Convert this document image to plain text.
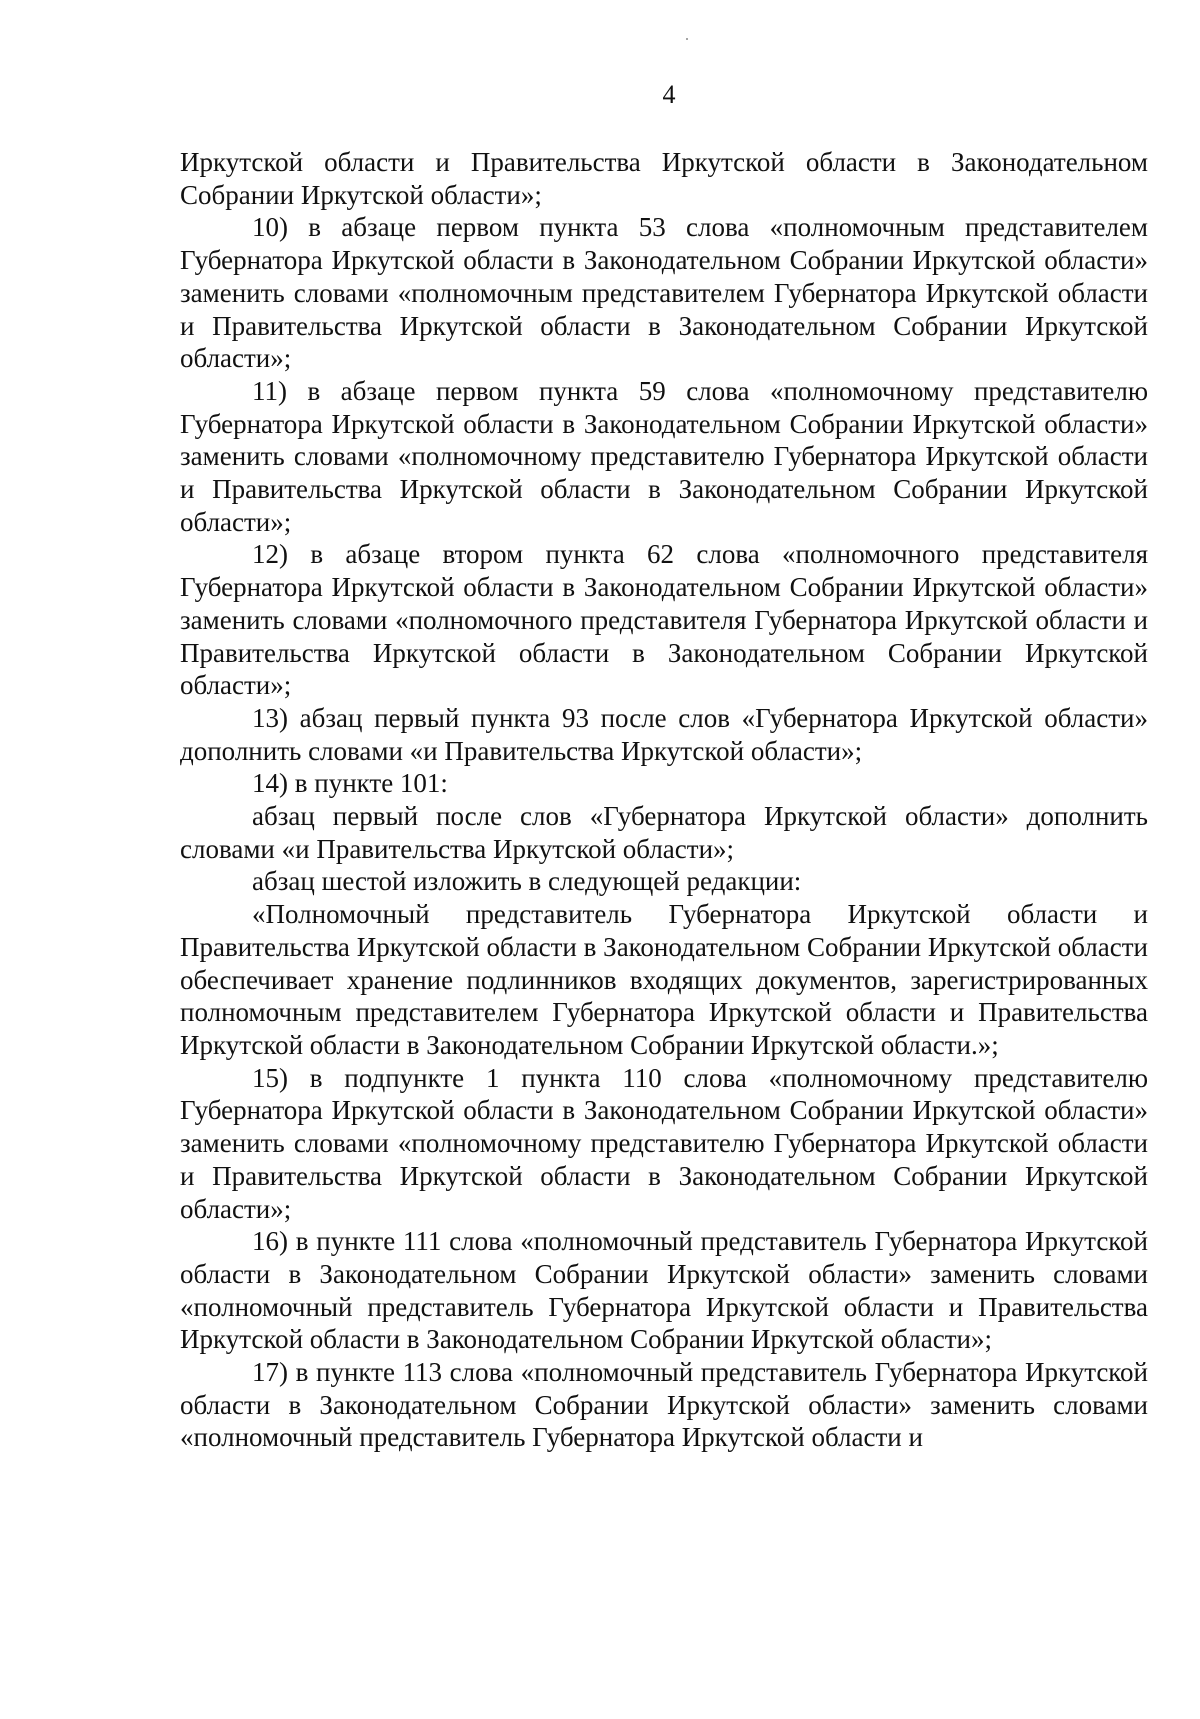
4

Иркутской области и Правительства Иркутской области в Законодательном Собрании Иркутской области»;

10) в абзаце первом пункта 53 слова «полномочным представителем Губернатора Иркутской области в Законодательном Собрании Иркутской области» заменить словами «полномочным представителем Губернатора Иркутской области и Правительства Иркутской области в Законодательном Собрании Иркутской области»;

11) в абзаце первом пункта 59 слова «полномочному представителю Губернатора Иркутской области в Законодательном Собрании Иркутской области» заменить словами «полномочному представителю Губернатора Иркутской области и Правительства Иркутской области в Законодательном Собрании Иркутской области»;

12) в абзаце втором пункта 62 слова «полномочного представителя Губернатора Иркутской области в Законодательном Собрании Иркутской области» заменить словами «полномочного представителя Губернатора Иркутской области и Правительства Иркутской области в Законодательном Собрании Иркутской области»;

13) абзац первый пункта 93 после слов «Губернатора Иркутской области» дополнить словами «и Правительства Иркутской области»;

14) в пункте 101:

абзац первый после слов «Губернатора Иркутской области» дополнить словами «и Правительства Иркутской области»;

абзац шестой изложить в следующей редакции:

«Полномочный представитель Губернатора Иркутской области и Правительства Иркутской области в Законодательном Собрании Иркутской области обеспечивает хранение подлинников входящих документов, зарегистрированных полномочным представителем Губернатора Иркутской области и Правительства Иркутской области в Законодательном Собрании Иркутской области.»;

15) в подпункте 1 пункта 110 слова «полномочному представителю Губернатора Иркутской области в Законодательном Собрании Иркутской области» заменить словами «полномочному представителю Губернатора Иркутской области и Правительства Иркутской области в Законодательном Собрании Иркутской области»;

16) в пункте 111 слова «полномочный представитель Губернатора Иркутской области в Законодательном Собрании Иркутской области» заменить словами «полномочный представитель Губернатора Иркутской области и Правительства Иркутской области в Законодательном Собрании Иркутской области»;

17) в пункте 113 слова «полномочный представитель Губернатора Иркутской области в Законодательном Собрании Иркутской области» заменить словами «полномочный представитель Губернатора Иркутской области и
